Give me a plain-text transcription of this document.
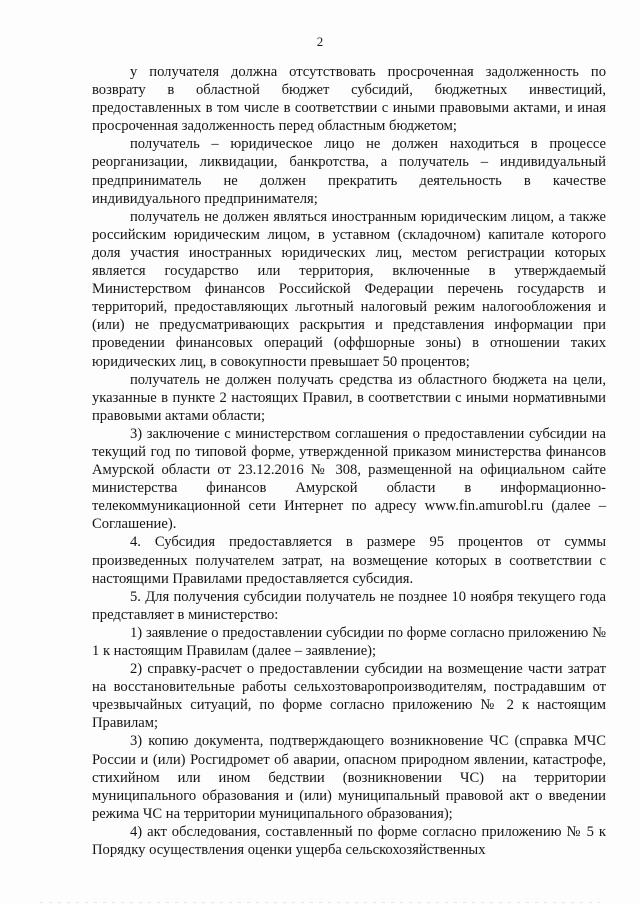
2

у получателя должна отсутствовать просроченная задолженность по возврату в областной бюджет субсидий, бюджетных инвестиций, предоставленных в том числе в соответствии с иными правовыми актами, и иная просроченная задолженность перед областным бюджетом;

получатель – юридическое лицо не должен находиться в процессе реорганизации, ликвидации, банкротства, а получатель – индивидуальный предприниматель не должен прекратить деятельность в качестве индивидуального предпринимателя;

получатель не должен являться иностранным юридическим лицом, а также российским юридическим лицом, в уставном (складочном) капитале которого доля участия иностранных юридических лиц, местом регистрации которых является государство или территория, включенные в утверждаемый Министерством финансов Российской Федерации перечень государств и территорий, предоставляющих льготный налоговый режим налогообложения и (или) не предусматривающих раскрытия и представления информации при проведении финансовых операций (оффшорные зоны) в отношении таких юридических лиц, в совокупности превышает 50 процентов;

получатель не должен получать средства из областного бюджета на цели, указанные в пункте 2 настоящих Правил, в соответствии с иными нормативными правовыми актами области;

3) заключение с министерством соглашения о предоставлении субсидии на текущий год по типовой форме, утвержденной приказом министерства финансов Амурской области от 23.12.2016 № 308, размещенной на официальном сайте министерства финансов Амурской области в информационно-телекоммуникационной сети Интернет по адресу www.fin.amurobl.ru (далее – Соглашение).

4. Субсидия предоставляется в размере 95 процентов от суммы произведенных получателем затрат, на возмещение которых в соответствии с настоящими Правилами предоставляется субсидия.

5. Для получения субсидии получатель не позднее 10 ноября текущего года представляет в министерство:

1) заявление о предоставлении субсидии по форме согласно приложению № 1 к настоящим Правилам (далее – заявление);

2) справку-расчет о предоставлении субсидии на возмещение части затрат на восстановительные работы сельхозтоваропроизводителям, пострадавшим от чрезвычайных ситуаций, по форме согласно приложению № 2 к настоящим Правилам;

3) копию документа, подтверждающего возникновение ЧС (справка МЧС России и (или) Росгидромет об аварии, опасном природном явлении, катастрофе, стихийном или ином бедствии (возникновении ЧС) на территории муниципального образования и (или) муниципальный правовой акт о введении режима ЧС на территории муниципального образования);

4) акт обследования, составленный по форме согласно приложению № 5 к Порядку осуществления оценки ущерба сельскохозяйственных
